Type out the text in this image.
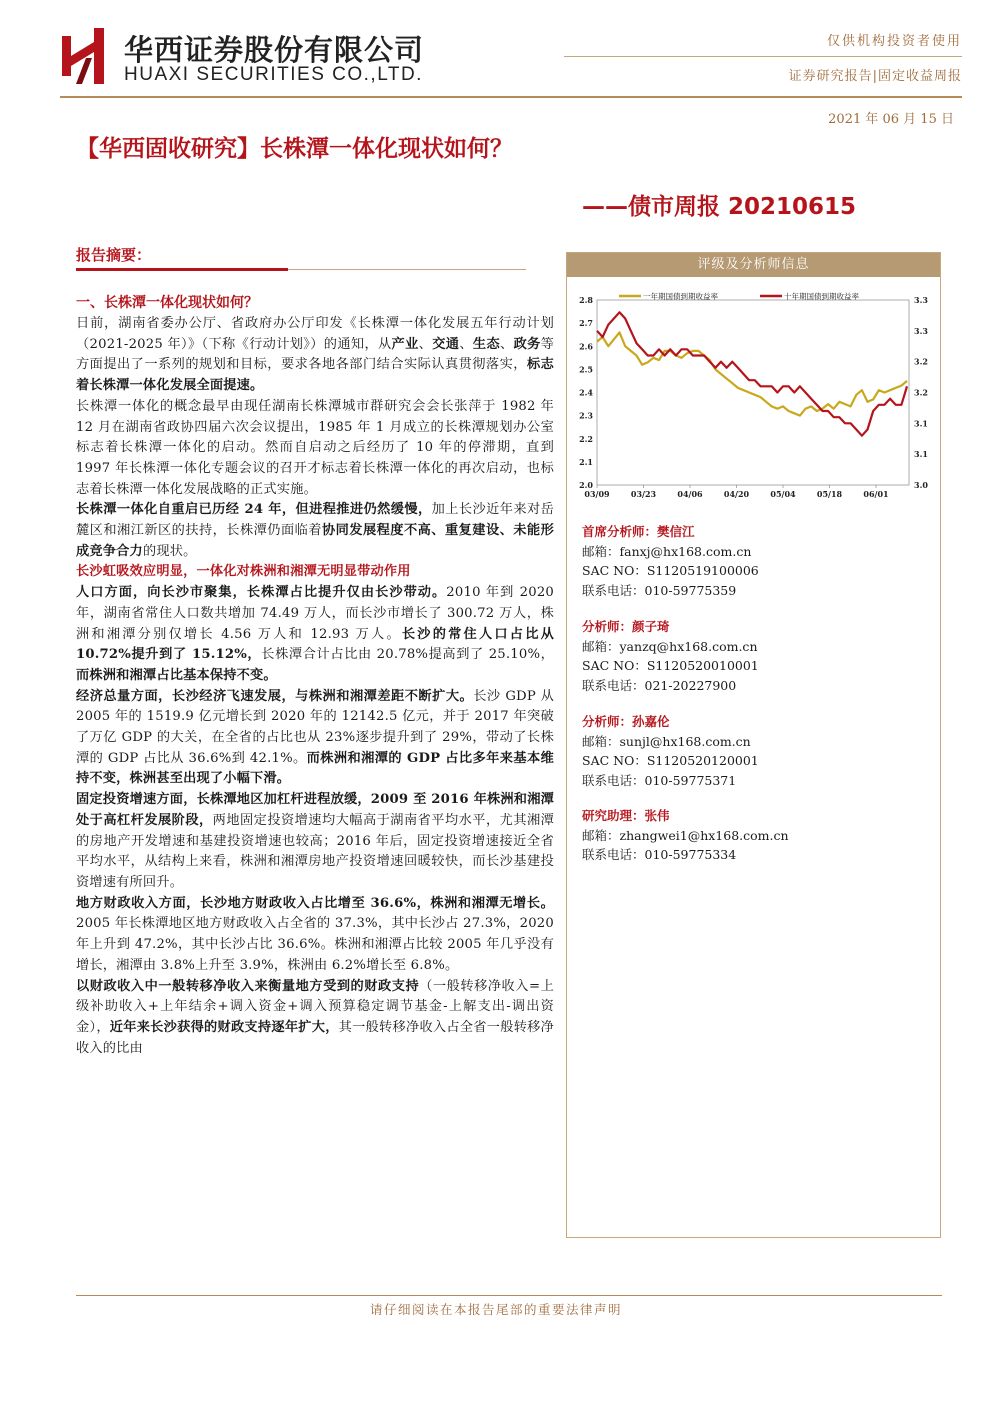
华西证券股份有限公司
HUAXI SECURITIES CO.,LTD.
仅供机构投资者使用
证券研究报告|固定收益周报
2021 年 06 月 15 日
【华西固收研究】长株潭一体化现状如何？
——债市周报 20210615
报告摘要：
一、长株潭一体化现状如何？

日前，湖南省委办公厅、省政府办公厅印发《长株潭一体化发展五年行动计划（2021-2025 年）》（下称《行动计划》）的通知，从产业、交通、生态、政务等方面提出了一系列的规划和目标，要求各地各部门结合实际认真贯彻落实，标志着长株潭一体化发展全面提速。

长株潭一体化的概念最早由现任湖南长株潭城市群研究会会长张萍于 1982 年 12 月在湖南省政协四届六次会议提出，1985 年 1 月成立的长株潭规划办公室标志着长株潭一体化的启动。然而自启动之后经历了 10 年的停滞期，直到 1997 年长株潭一体化专题会议的召开才标志着长株潭一体化的再次启动，也标志着长株潭一体化发展战略的正式实施。

长株潭一体化自重启已历经 24 年，但进程推进仍然缓慢，加上长沙近年来对岳麓区和湘江新区的扶持，长株潭仍面临着协同发展程度不高、重复建设、未能形成竞争合力的现状。

长沙虹吸效应明显，一体化对株洲和湘潭无明显带动作用

人口方面，向长沙市聚集，长株潭占比提升仅由长沙带动。2010 年到 2020 年，湖南省常住人口数共增加 74.49 万人，而长沙市增长了 300.72 万人，株洲和湘潭分别仅增长 4.56 万人和 12.93 万人。长沙的常住人口占比从 10.72%提升到了 15.12%，长株潭合计占比由 20.78%提高到了 25.10%，而株洲和湘潭占比基本保持不变。

经济总量方面，长沙经济飞速发展，与株洲和湘潭差距不断扩大。长沙 GDP 从 2005 年的 1519.9 亿元增长到 2020 年的 12142.5 亿元，并于 2017 年突破了万亿 GDP 的大关，在全省的占比也从 23%逐步提升到了 29%，带动了长株潭的 GDP 占比从 36.6%到 42.1%。而株洲和湘潭的 GDP 占比多年来基本维持不变，株洲甚至出现了小幅下滑。

固定投资增速方面，长株潭地区加杠杆进程放缓，2009 至 2016 年株洲和湘潭处于高杠杆发展阶段，两地固定投资增速均大幅高于湖南省平均水平，尤其湘潭的房地产开发增速和基建投资增速也较高；2016 年后，固定投资增速接近全省平均水平，从结构上来看，株洲和湘潭房地产投资增速回暖较快，而长沙基建投资增速有所回升。

地方财政收入方面，长沙地方财政收入占比增至 36.6%，株洲和湘潭无增长。2005 年长株潭地区地方财政收入占全省的 37.3%，其中长沙占 27.3%，2020 年上升到 47.2%，其中长沙占比 36.6%。株洲和湘潭占比较 2005 年几乎没有增长，湘潭由 3.8%上升至 3.9%，株洲由 6.2%增长至 6.8%。

以财政收入中一般转移净收入来衡量地方受到的财政支持（一般转移净收入=上级补助收入+上年结余+调入资金+调入预算稳定调节基金-上解支出-调出资金），近年来长沙获得的财政支持逐年扩大，其一般转移净收入占全省一般转移净收入的比由

评级及分析师信息
2.0
2.1
2.2
2.3
2.4
2.5
2.6
2.7
2.8
3.0
3.1
3.1
3.2
3.2
3.3
3.3
03/09	03/23	04/06	04/20	05/04	05/18	06/01
一年期国债到期收益率	十年期国债到期收益率
首席分析师：樊信江
邮箱：fanxj@hx168.com.cn
SAC NO：S1120519100006
联系电话：010-59775359
分析师：颜子琦
邮箱：yanzq@hx168.com.cn
SAC NO：S1120520010001
联系电话：021-20227900
分析师：孙嘉伦
邮箱：sunjl@hx168.com.cn
SAC NO：S1120520120001
联系电话：010-59775371
研究助理：张伟
邮箱：zhangwei1@hx168.com.cn
联系电话：010-59775334
请仔细阅读在本报告尾部的重要法律声明
